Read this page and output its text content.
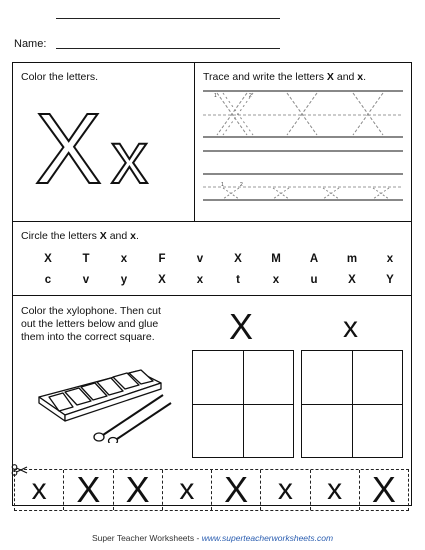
Name:
Color the letters.
X x
Trace and write the letters X and x.
1	2
1	2
Circle the letters X and x.
X	T	x	F	v	X	M	A	m	x
c	v	y	X	x	t	x	u	X	Y
Color the xylophone. Then cut
out the letters below and glue
them into the correct square. X	x
x X X x X x x X
Super Teacher Worksheets - www.superteacherworksheets.com
